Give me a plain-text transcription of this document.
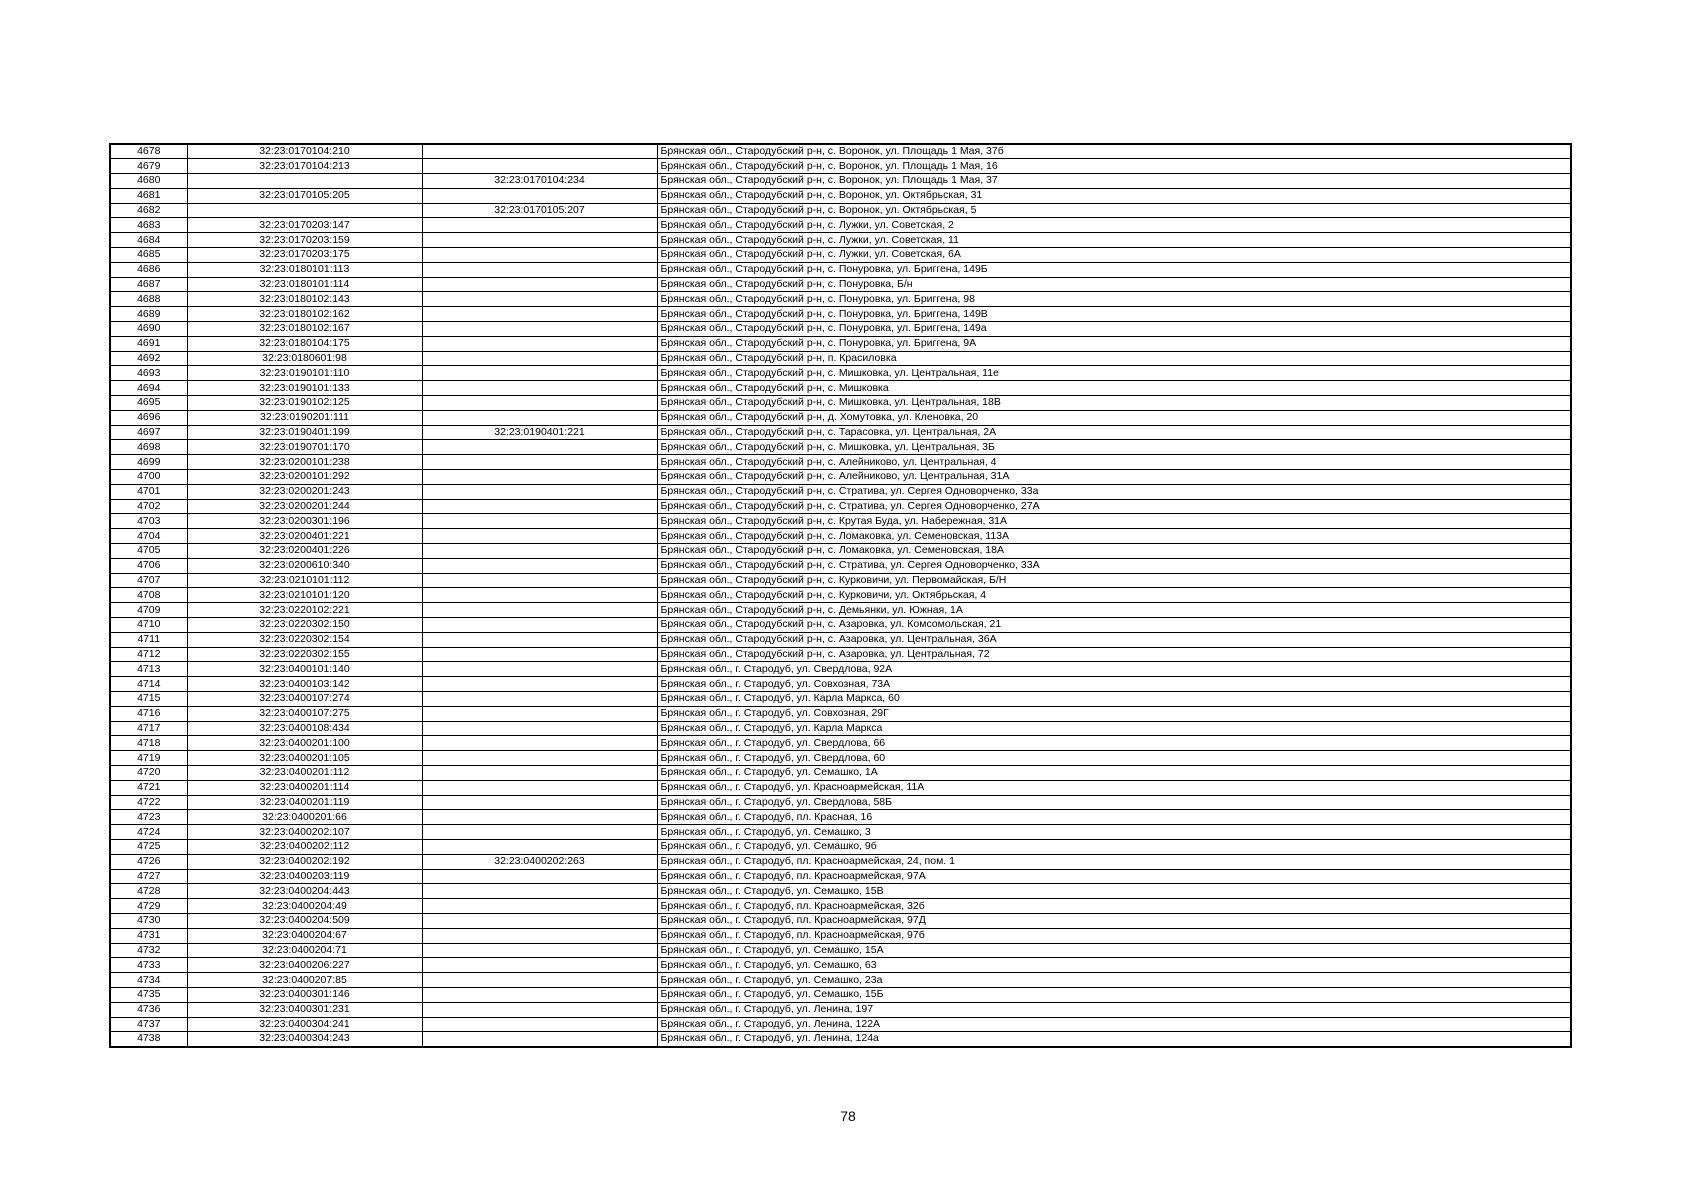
4678	32:23:0170104:210		Брянская обл., Стародубский р-н, с. Воронок, ул. Площадь 1 Мая, 37б
4679	32:23:0170104:213		Брянская обл., Стародубский р-н, с. Воронок, ул. Площадь 1 Мая, 16
4680		32:23:0170104:234	Брянская обл., Стародубский р-н, с. Воронок, ул. Площадь 1 Мая, 37
4681	32:23:0170105:205		Брянская обл., Стародубский р-н, с. Воронок, ул. Октябрьская, 31
4682		32:23:0170105:207	Брянская обл., Стародубский р-н, с. Воронок, ул. Октябрьская, 5
4683	32:23:0170203:147		Брянская обл., Стародубский р-н, с. Лужки, ул. Советская, 2
4684	32:23:0170203:159		Брянская обл., Стародубский р-н, с. Лужки, ул. Советская, 11
4685	32:23:0170203:175		Брянская обл., Стародубский р-н, с. Лужки, ул. Советская, 6А
4686	32:23:0180101:113		Брянская обл., Стародубский р-н, с. Понуровка, ул. Бриггена, 149Б
4687	32:23:0180101:114		Брянская обл., Стародубский р-н, с. Понуровка, Б/н
4688	32:23:0180102:143		Брянская обл., Стародубский р-н, с. Понуровка, ул. Бриггена, 98
4689	32:23:0180102:162		Брянская обл., Стародубский р-н, с. Понуровка, ул. Бриггена, 149В
4690	32:23:0180102:167		Брянская обл., Стародубский р-н, с. Понуровка, ул. Бриггена, 149а
4691	32:23:0180104:175		Брянская обл., Стародубский р-н, с. Понуровка, ул. Бриггена, 9А
4692	32:23:0180601:98		Брянская обл., Стародубский р-н, п. Красиловка
4693	32:23:0190101:110		Брянская обл., Стародубский р-н, с. Мишковка, ул. Центральная, 11е
4694	32:23:0190101:133		Брянская обл., Стародубский р-н, с. Мишковка
4695	32:23:0190102:125		Брянская обл., Стародубский р-н, с. Мишковка, ул. Центральная, 18В
4696	32:23:0190201:111		Брянская обл., Стародубский р-н, д. Хомутовка, ул. Кленовка, 20
4697	32:23:0190401:199	32:23:0190401:221	Брянская обл., Стародубский р-н, с. Тарасовка, ул. Центральная, 2А
4698	32:23:0190701:170		Брянская обл., Стародубский р-н, с. Мишковка, ул. Центральная, 3Б
4699	32:23:0200101:238		Брянская обл., Стародубский р-н, с. Алейниково, ул. Центральная, 4
4700	32:23:0200101:292		Брянская обл., Стародубский р-н, с. Алейниково, ул. Центральная, 31А
4701	32:23:0200201:243		Брянская обл., Стародубский р-н, с. Стратива, ул. Сергея Одноворченко, 33а
4702	32:23:0200201:244		Брянская обл., Стародубский р-н, с. Стратива, ул. Сергея Одноворченко, 27А
4703	32:23:0200301:196		Брянская обл., Стародубский р-н, с. Крутая Буда, ул. Набережная, 31А
4704	32:23:0200401:221		Брянская обл., Стародубский р-н, с. Ломаковка, ул. Семеновская, 113А
4705	32:23:0200401:226		Брянская обл., Стародубский р-н, с. Ломаковка, ул. Семеновская, 18А
4706	32:23:0200610:340		Брянская обл., Стародубский р-н, с. Стратива, ул. Сергея Одноворченко, 33А
4707	32:23:0210101:112		Брянская обл., Стародубский р-н, с. Курковичи, ул. Первомайская, Б/Н
4708	32:23:0210101:120		Брянская обл., Стародубский р-н, с. Курковичи, ул. Октябрьская, 4
4709	32:23:0220102:221		Брянская обл., Стародубский р-н, с. Демьянки, ул. Южная, 1А
4710	32:23:0220302:150		Брянская обл., Стародубский р-н, с. Азаровка, ул. Комсомольская, 21
4711	32:23:0220302:154		Брянская обл., Стародубский р-н, с. Азаровка, ул. Центральная, 36А
4712	32:23:0220302:155		Брянская обл., Стародубский р-н, с. Азаровка, ул. Центральная, 72
4713	32:23:0400101:140		Брянская обл., г. Стародуб, ул. Свердлова, 92А
4714	32:23:0400103:142		Брянская обл., г. Стародуб, ул. Совхозная, 73А
4715	32:23:0400107:274		Брянская обл., г. Стародуб, ул. Карла Маркса, 60
4716	32:23:0400107:275		Брянская обл., г. Стародуб, ул. Совхозная, 29Г
4717	32:23:0400108:434		Брянская обл., г. Стародуб, ул. Карла Маркса
4718	32:23:0400201:100		Брянская обл., г. Стародуб, ул. Свердлова, 66
4719	32:23:0400201:105		Брянская обл., г. Стародуб, ул. Свердлова, 60
4720	32:23:0400201:112		Брянская обл., г. Стародуб, ул. Семашко, 1А
4721	32:23:0400201:114		Брянская обл., г. Стародуб, ул. Красноармейская, 11А
4722	32:23:0400201:119		Брянская обл., г. Стародуб, ул. Свердлова, 58Б
4723	32:23:0400201:66		Брянская обл., г. Стародуб, пл. Красная, 16
4724	32:23:0400202:107		Брянская обл., г. Стародуб, ул. Семашко, 3
4725	32:23:0400202:112		Брянская обл., г. Стародуб, ул. Семашко, 9б
4726	32:23:0400202:192	32:23:0400202:263	Брянская обл., г. Стародуб, пл. Красноармейская, 24, пом. 1
4727	32:23:0400203:119		Брянская обл., г. Стародуб, пл. Красноармейская, 97А
4728	32:23:0400204:443		Брянская обл., г. Стародуб, ул. Семашко, 15В
4729	32:23:0400204:49		Брянская обл., г. Стародуб, пл. Красноармейская, 32б
4730	32:23:0400204:509		Брянская обл., г. Стародуб, пл. Красноармейская, 97Д
4731	32:23:0400204:67		Брянская обл., г. Стародуб, пл. Красноармейская, 97б
4732	32:23:0400204:71		Брянская обл., г. Стародуб, ул. Семашко, 15А
4733	32:23:0400206:227		Брянская обл., г. Стародуб, ул. Семашко, 63
4734	32:23:0400207:85		Брянская обл., г. Стародуб, ул. Семашко, 23а
4735	32:23:0400301:146		Брянская обл., г. Стародуб, ул. Семашко, 15Б
4736	32:23:0400301:231		Брянская обл., г. Стародуб, ул. Ленина, 197
4737	32:23:0400304:241		Брянская обл., г. Стародуб, ул. Ленина, 122А
4738	32:23:0400304:243		Брянская обл., г. Стародуб, ул. Ленина, 124а
78
